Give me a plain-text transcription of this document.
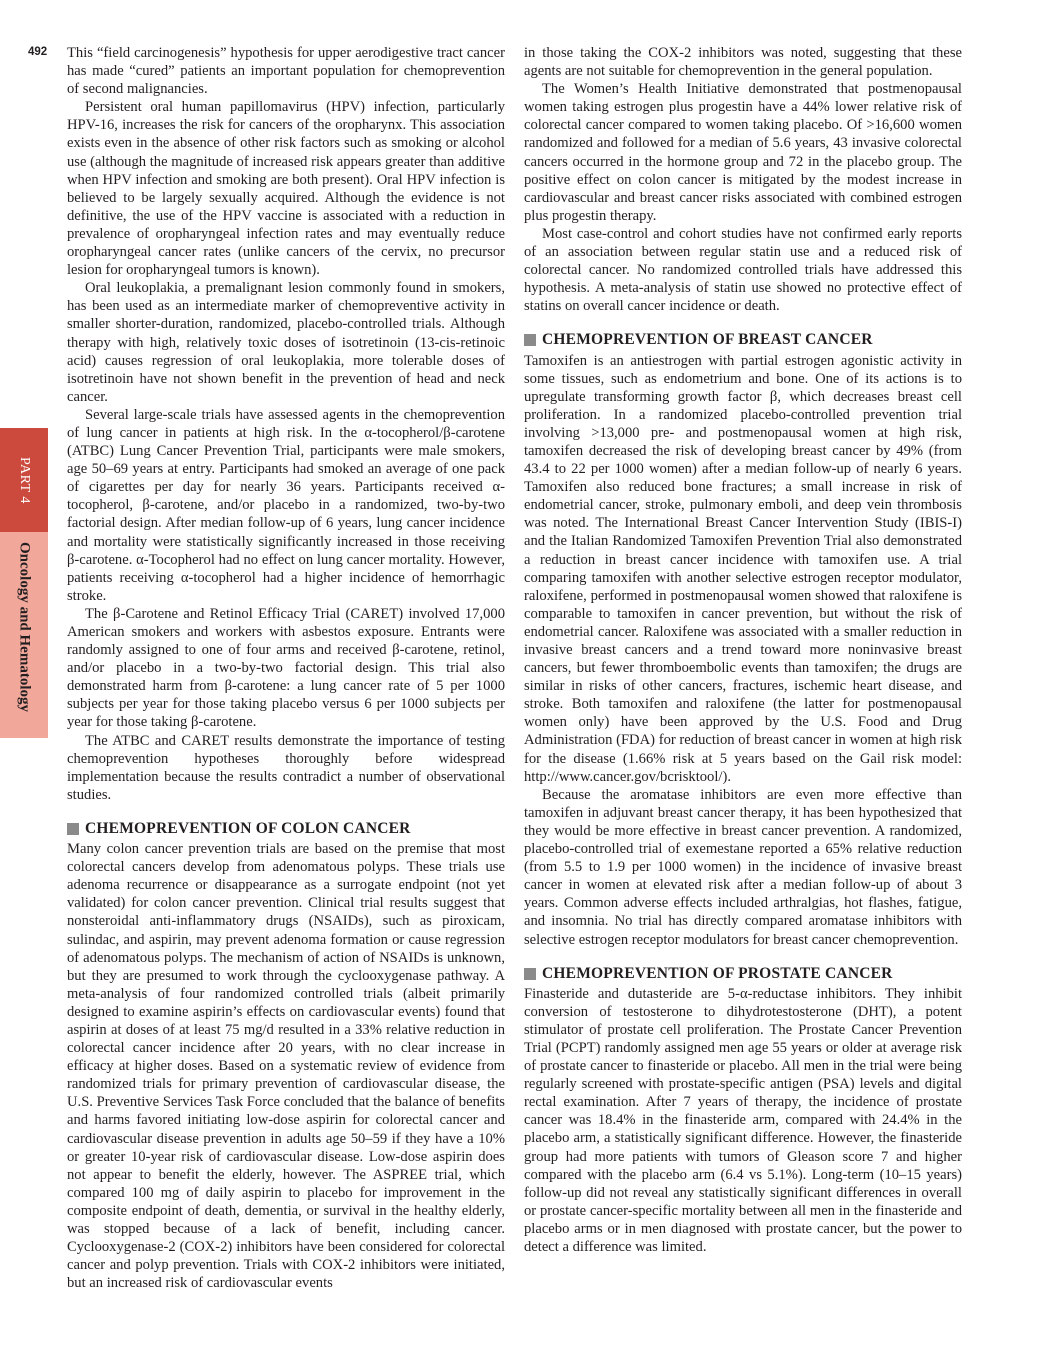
492
PART 4
Oncology and Hematology

This “field carcinogenesis” hypothesis for upper aerodigestive tract cancer has made “cured” patients an important population for chemoprevention of second malignancies.

Persistent oral human papillomavirus (HPV) infection, particularly HPV-16, increases the risk for cancers of the oropharynx. This association exists even in the absence of other risk factors such as smoking or alcohol use (although the magnitude of increased risk appears greater than additive when HPV infection and smoking are both present). Oral HPV infection is believed to be largely sexually acquired. Although the evidence is not definitive, the use of the HPV vaccine is associated with a reduction in prevalence of oropharyngeal infection rates and may eventually reduce oropharyngeal cancer rates (unlike cancers of the cervix, no precursor lesion for oropharyngeal tumors is known).

Oral leukoplakia, a premalignant lesion commonly found in smokers, has been used as an intermediate marker of chemopreventive activity in smaller shorter-duration, randomized, placebo-controlled trials. Although therapy with high, relatively toxic doses of isotretinoin (13-cis-retinoic acid) causes regression of oral leukoplakia, more tolerable doses of isotretinoin have not shown benefit in the prevention of head and neck cancer.

Several large-scale trials have assessed agents in the chemoprevention of lung cancer in patients at high risk. In the α-tocopherol/β-carotene (ATBC) Lung Cancer Prevention Trial, participants were male smokers, age 50–69 years at entry. Participants had smoked an average of one pack of cigarettes per day for nearly 36 years. Participants received α-tocopherol, β-carotene, and/or placebo in a randomized, two-by-two factorial design. After median follow-up of 6 years, lung cancer incidence and mortality were statistically significantly increased in those receiving β-carotene. α-Tocopherol had no effect on lung cancer mortality. However, patients receiving α-tocopherol had a higher incidence of hemorrhagic stroke.

The β-Carotene and Retinol Efficacy Trial (CARET) involved 17,000 American smokers and workers with asbestos exposure. Entrants were randomly assigned to one of four arms and received β-carotene, retinol, and/or placebo in a two-by-two factorial design. This trial also demonstrated harm from β-carotene: a lung cancer rate of 5 per 1000 subjects per year for those taking placebo versus 6 per 1000 subjects per year for those taking β-carotene.

The ATBC and CARET results demonstrate the importance of testing chemoprevention hypotheses thoroughly before widespread implementation because the results contradict a number of observational studies.

CHEMOPREVENTION OF COLON CANCER

Many colon cancer prevention trials are based on the premise that most colorectal cancers develop from adenomatous polyps. These trials use adenoma recurrence or disappearance as a surrogate endpoint (not yet validated) for colon cancer prevention. Clinical trial results suggest that nonsteroidal anti-inflammatory drugs (NSAIDs), such as piroxicam, sulindac, and aspirin, may prevent adenoma formation or cause regression of adenomatous polyps. The mechanism of action of NSAIDs is unknown, but they are presumed to work through the cyclooxygenase pathway. A meta-analysis of four randomized controlled trials (albeit primarily designed to examine aspirin’s effects on cardiovascular events) found that aspirin at doses of at least 75 mg/d resulted in a 33% relative reduction in colorectal cancer incidence after 20 years, with no clear increase in efficacy at higher doses. Based on a systematic review of evidence from randomized trials for primary prevention of cardiovascular disease, the U.S. Preventive Services Task Force concluded that the balance of benefits and harms favored initiating low-dose aspirin for colorectal cancer and cardiovascular disease prevention in adults age 50–59 if they have a 10% or greater 10-year risk of cardiovascular disease. Low-dose aspirin does not appear to benefit the elderly, however. The ASPREE trial, which compared 100 mg of daily aspirin to placebo for improvement in the composite endpoint of death, dementia, or survival in the healthy elderly, was stopped because of a lack of benefit, including cancer. Cyclooxygenase-2 (COX-2) inhibitors have been considered for colorectal cancer and polyp prevention. Trials with COX-2 inhibitors were initiated, but an increased risk of cardiovascular events

in those taking the COX-2 inhibitors was noted, suggesting that these agents are not suitable for chemoprevention in the general population.

The Women’s Health Initiative demonstrated that postmenopausal women taking estrogen plus progestin have a 44% lower relative risk of colorectal cancer compared to women taking placebo. Of >16,600 women randomized and followed for a median of 5.6 years, 43 invasive colorectal cancers occurred in the hormone group and 72 in the placebo group. The positive effect on colon cancer is mitigated by the modest increase in cardiovascular and breast cancer risks associated with combined estrogen plus progestin therapy.

Most case-control and cohort studies have not confirmed early reports of an association between regular statin use and a reduced risk of colorectal cancer. No randomized controlled trials have addressed this hypothesis. A meta-analysis of statin use showed no protective effect of statins on overall cancer incidence or death.

CHEMOPREVENTION OF BREAST CANCER

Tamoxifen is an antiestrogen with partial estrogen agonistic activity in some tissues, such as endometrium and bone. One of its actions is to upregulate transforming growth factor β, which decreases breast cell proliferation. In a randomized placebo-controlled prevention trial involving >13,000 pre- and postmenopausal women at high risk, tamoxifen decreased the risk of developing breast cancer by 49% (from 43.4 to 22 per 1000 women) after a median follow-up of nearly 6 years. Tamoxifen also reduced bone fractures; a small increase in risk of endometrial cancer, stroke, pulmonary emboli, and deep vein thrombosis was noted. The International Breast Cancer Intervention Study (IBIS-I) and the Italian Randomized Tamoxifen Prevention Trial also demonstrated a reduction in breast cancer incidence with tamoxifen use. A trial comparing tamoxifen with another selective estrogen receptor modulator, raloxifene, performed in postmenopausal women showed that raloxifene is comparable to tamoxifen in cancer prevention, but without the risk of endometrial cancer. Raloxifene was associated with a smaller reduction in invasive breast cancers and a trend toward more noninvasive breast cancers, but fewer thromboembolic events than tamoxifen; the drugs are similar in risks of other cancers, fractures, ischemic heart disease, and stroke. Both tamoxifen and raloxifene (the latter for postmenopausal women only) have been approved by the U.S. Food and Drug Administration (FDA) for reduction of breast cancer in women at high risk for the disease (1.66% risk at 5 years based on the Gail risk model: http://www.cancer.gov/bcrisktool/).

Because the aromatase inhibitors are even more effective than tamoxifen in adjuvant breast cancer therapy, it has been hypothesized that they would be more effective in breast cancer prevention. A randomized, placebo-controlled trial of exemestane reported a 65% relative reduction (from 5.5 to 1.9 per 1000 women) in the incidence of invasive breast cancer in women at elevated risk after a median follow-up of about 3 years. Common adverse effects included arthralgias, hot flashes, fatigue, and insomnia. No trial has directly compared aromatase inhibitors with selective estrogen receptor modulators for breast cancer chemoprevention.

CHEMOPREVENTION OF PROSTATE CANCER

Finasteride and dutasteride are 5-α-reductase inhibitors. They inhibit conversion of testosterone to dihydrotestosterone (DHT), a potent stimulator of prostate cell proliferation. The Prostate Cancer Prevention Trial (PCPT) randomly assigned men age 55 years or older at average risk of prostate cancer to finasteride or placebo. All men in the trial were being regularly screened with prostate-specific antigen (PSA) levels and digital rectal examination. After 7 years of therapy, the incidence of prostate cancer was 18.4% in the finasteride arm, compared with 24.4% in the placebo arm, a statistically significant difference. However, the finasteride group had more patients with tumors of Gleason score 7 and higher compared with the placebo arm (6.4 vs 5.1%). Long-term (10–15 years) follow-up did not reveal any statistically significant differences in overall or prostate cancer-specific mortality between all men in the finasteride and placebo arms or in men diagnosed with prostate cancer, but the power to detect a difference was limited.
